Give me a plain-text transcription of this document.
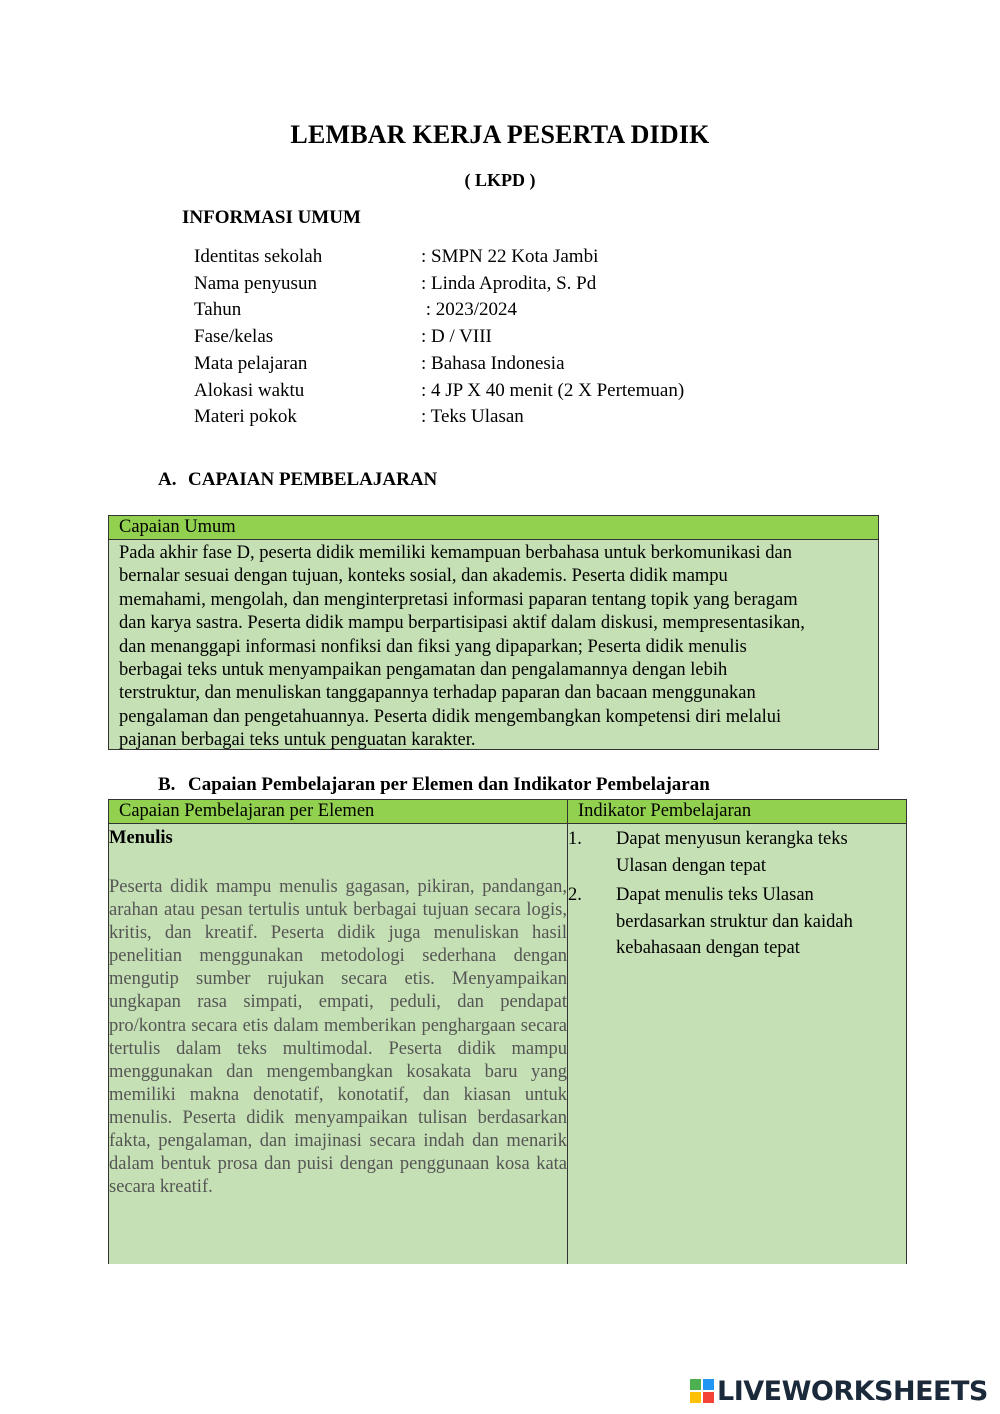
LEMBAR KERJA PESERTA DIDIK
( LKPD )
INFORMASI UMUM
Identitas sekolah	: SMPN 22 Kota Jambi
Nama penyusun	: Linda Aprodita, S. Pd
Tahun	: 2023/2024
Fase/kelas	: D / VIII
Mata pelajaran	: Bahasa Indonesia
Alokasi waktu	: 4 JP X 40 menit (2 X Pertemuan)
Materi pokok	: Teks Ulasan
A. CAPAIAN PEMBELAJARAN
Capaian Umum
Pada akhir fase D, peserta didik memiliki kemampuan berbahasa untuk berkomunikasi dan
bernalar sesuai dengan tujuan, konteks sosial, dan akademis. Peserta didik mampu
memahami, mengolah, dan menginterpretasi informasi paparan tentang topik yang beragam
dan karya sastra. Peserta didik mampu berpartisipasi aktif dalam diskusi, mempresentasikan,
dan menanggapi informasi nonfiksi dan fiksi yang dipaparkan; Peserta didik menulis
berbagai teks untuk menyampaikan pengamatan dan pengalamannya dengan lebih
terstruktur, dan menuliskan tanggapannya terhadap paparan dan bacaan menggunakan
pengalaman dan pengetahuannya. Peserta didik mengembangkan kompetensi diri melalui
pajanan berbagai teks untuk penguatan karakter.
B. Capaian Pembelajaran per Elemen dan Indikator Pembelajaran
Capaian Pembelajaran per Elemen	Indikator Pembelajaran
Menulis
Peserta didik mampu menulis gagasan, pikiran, pandangan, arahan atau pesan tertulis untuk berbagai tujuan secara logis, kritis, dan kreatif. Peserta didik juga menuliskan hasil penelitian menggunakan metodologi sederhana dengan mengutip sumber rujukan secara etis. Menyampaikan ungkapan rasa simpati, empati, peduli, dan pendapat pro/kontra secara etis dalam memberikan penghargaan secara tertulis dalam teks multimodal. Peserta didik mampu menggunakan dan mengembangkan kosakata baru yang memiliki makna denotatif, konotatif, dan kiasan untuk menulis. Peserta didik menyampaikan tulisan berdasarkan fakta, pengalaman, dan imajinasi secara indah dan menarik dalam bentuk prosa dan puisi dengan penggunaan kosa kata secara kreatif.
1.	Dapat menyusun kerangka teks Ulasan dengan tepat
2.	Dapat menulis teks Ulasan berdasarkan struktur dan kaidah kebahasaan dengan tepat
LIVEWORKSHEETS
